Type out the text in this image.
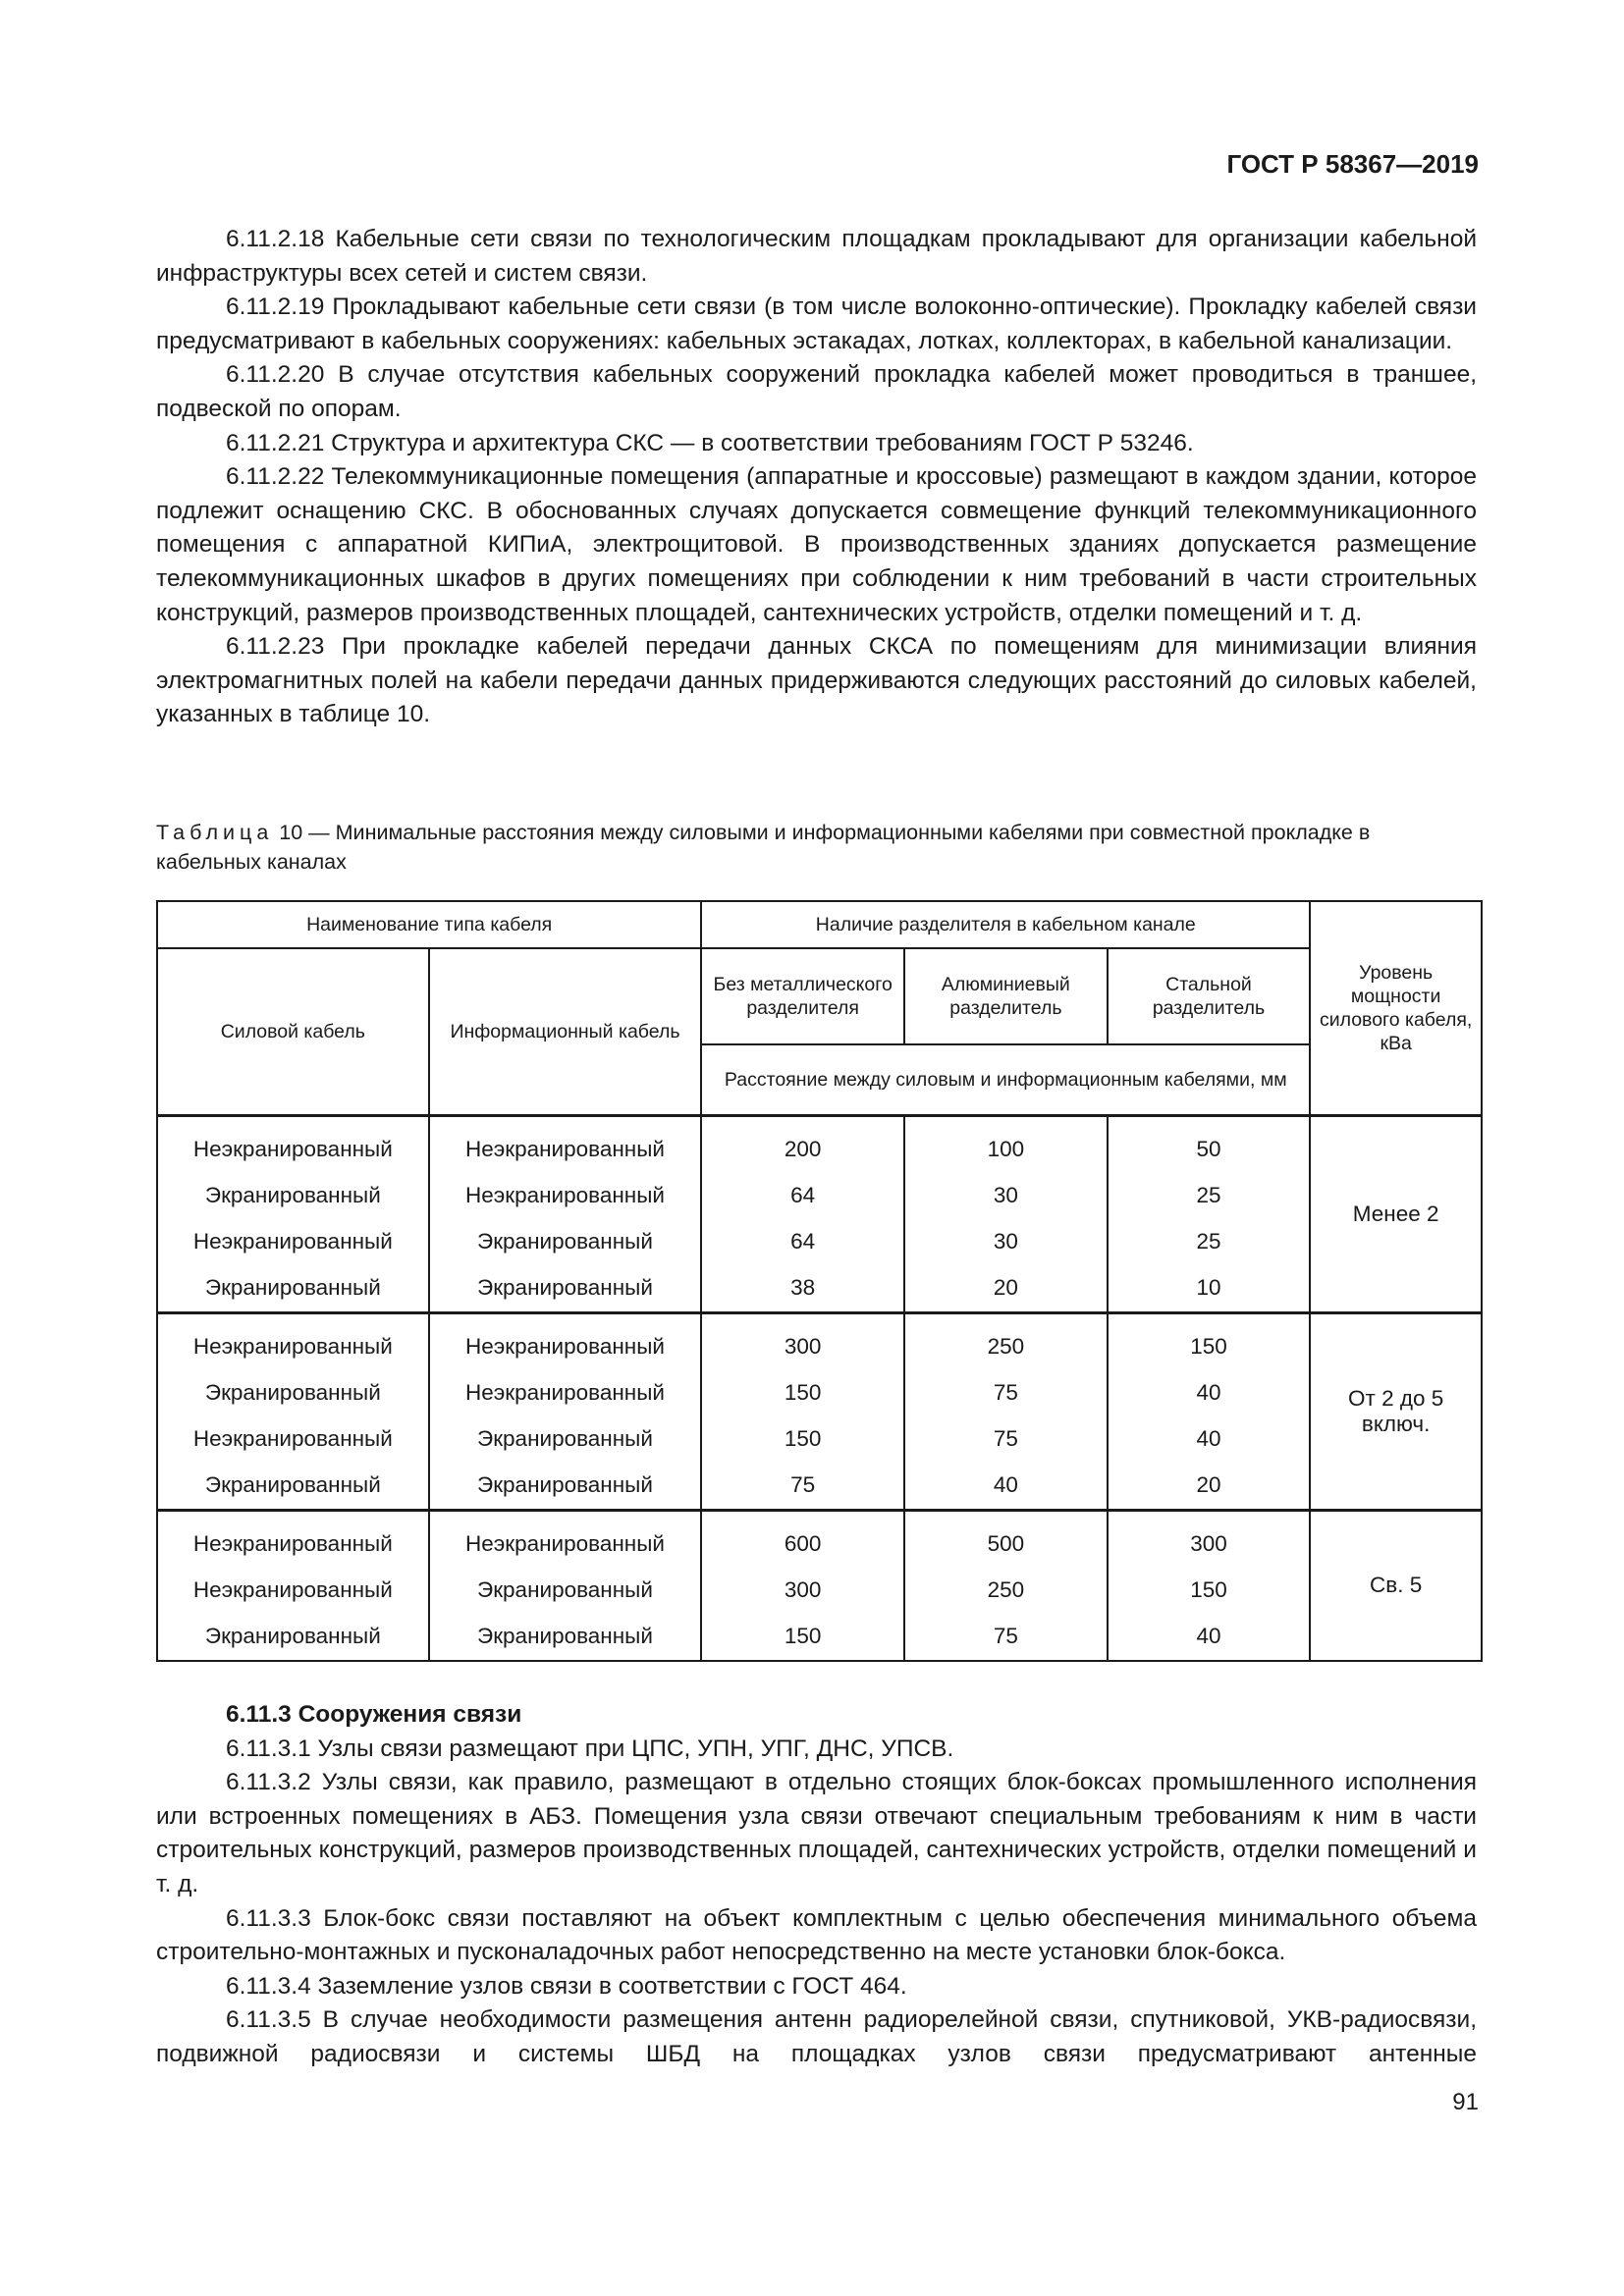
ГОСТ Р 58367—2019

6.11.2.18 Кабельные сети связи по технологическим площадкам прокладывают для организации кабельной инфраструктуры всех сетей и систем связи.

6.11.2.19 Прокладывают кабельные сети связи (в том числе волоконно-оптические). Прокладку кабелей связи предусматривают в кабельных сооружениях: кабельных эстакадах, лотках, коллекторах, в кабельной канализации.

6.11.2.20 В случае отсутствия кабельных сооружений прокладка кабелей может проводиться в траншее, подвеской по опорам.

6.11.2.21 Структура и архитектура СКС — в соответствии требованиям ГОСТ Р 53246.

6.11.2.22 Телекоммуникационные помещения (аппаратные и кроссовые) размещают в каждом здании, которое подлежит оснащению СКС. В обоснованных случаях допускается совмещение функций телекоммуникационного помещения с аппаратной КИПиА, электрощитовой. В производственных зданиях допускается размещение телекоммуникационных шкафов в других помещениях при соблюдении к ним требований в части строительных конструкций, размеров производственных площадей, сантехнических устройств, отделки помещений и т. д.

6.11.2.23 При прокладке кабелей передачи данных СКСА по помещениям для минимизации влияния электромагнитных полей на кабели передачи данных придерживаются следующих расстояний до силовых кабелей, указанных в таблице 10.

Таблица 10 — Минимальные расстояния между силовыми и информационными кабелями при совместной прокладке в кабельных каналах
Наименование типа кабеля		Наличие разделителя в кабельном канале			Уровень мощности силового кабеля, кВа
Силовой кабель	Информационный кабель	Без металлического разделителя	Алюминиевый разделитель	Стальной разделитель	
		Расстояние между силовым и информационным кабелями, мм			
Неэкранированный	Неэкранированный	200	100	50	Менее 2
Экранированный	Неэкранированный	64	30	25	
Неэкранированный	Экранированный	64	30	25	
Экранированный	Экранированный	38	20	10	
Неэкранированный	Неэкранированный	300	250	150	От 2 до 5 включ.
Экранированный	Неэкранированный	150	75	40	
Неэкранированный	Экранированный	150	75	40	
Экранированный	Экранированный	75	40	20	
Неэкранированный	Неэкранированный	600	500	300	Св. 5
Неэкранированный	Экранированный	300	250	150	
Экранированный	Экранированный	150	75	40	

6.11.3 Сооружения связи

6.11.3.1 Узлы связи размещают при ЦПС, УПН, УПГ, ДНС, УПСВ.

6.11.3.2 Узлы связи, как правило, размещают в отдельно стоящих блок-боксах промышленного исполнения или встроенных помещениях в АБЗ. Помещения узла связи отвечают специальным требованиям к ним в части строительных конструкций, размеров производственных площадей, сантехнических устройств, отделки помещений и т. д.

6.11.3.3 Блок-бокс связи поставляют на объект комплектным с целью обеспечения минимального объема строительно-монтажных и пусконаладочных работ непосредственно на месте установки блок-бокса.

6.11.3.4 Заземление узлов связи в соответствии с ГОСТ 464.

6.11.3.5 В случае необходимости размещения антенн радиорелейной связи, спутниковой, УКВ-радиосвязи, подвижной радиосвязи и системы ШБД на площадках узлов связи предусматривают антенные

91
